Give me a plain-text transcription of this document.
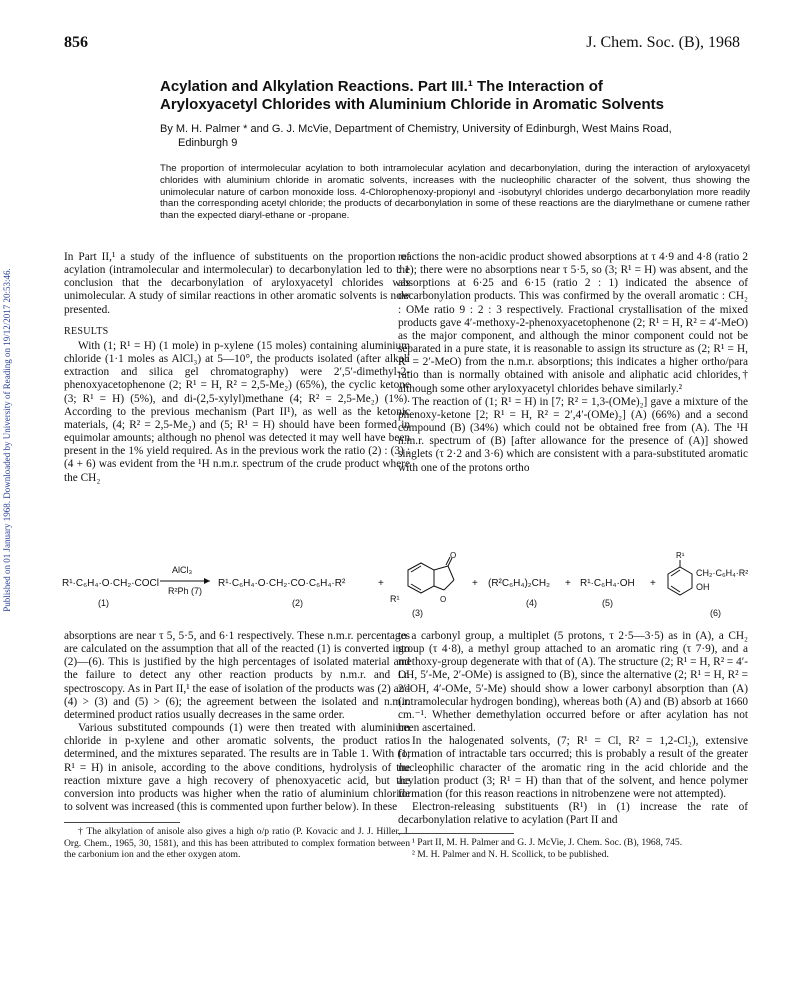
Published on 01 January 1968. Downloaded by University of Reading on 19/12/2017 20:53:46.
856	J. Chem. Soc. (B), 1968
Acylation and Alkylation Reactions. Part III.¹ The Interaction of
Aryloxyacetyl Chlorides with Aluminium Chloride in Aromatic Solvents
By M. H. Palmer * and G. J. McVie, Department of Chemistry, University of Edinburgh, West Mains Road,
Edinburgh 9
The proportion of intermolecular acylation to both intramolecular acylation and decarbonylation, during the interaction of aryloxyacetyl chlorides with aluminium chloride in aromatic solvents, increases with the nucleophilic character of the solvent, thus showing the unimolecular nature of carbon monoxide loss. 4-Chlorophenoxy-propionyl and -isobutyryl chlorides undergo decarbonylation more readily than the corresponding acetyl chloride; the products of decarbonylation in some of these reactions are the diarylmethane or cumene rather than the expected diaryl-ethane or -propane.

In Part II,¹ a study of the influence of substituents on the proportion of acylation (intramolecular and intermolecular) to decarbonylation led to the conclusion that the decarbonylation of aryloxyacetyl chlorides was unimolecular. A study of similar reactions in other aromatic solvents is now presented.

RESULTS

With (1; R¹ = H) (1 mole) in p-xylene (15 moles) containing aluminium chloride (1·1 moles as AlCl₃) at 5—10°, the products isolated (after alkali extraction and silica gel chromatography) were 2′,5′-dimethyl-2-phenoxyacetophenone (2; R¹ = H, R² = 2,5-Me₂) (65%), the cyclic ketone (3; R¹ = H) (5%), and di-(2,5-xylyl)methane (4; R² = 2,5-Me₂) (1%). According to the previous mechanism (Part II¹), as well as the ketonic materials, (4; R² = 2,5-Me₂) and (5; R¹ = H) should have been formed in equimolar amounts; although no phenol was detected it may well have been present in the 1% yield required. As in the previous work the ratio (2) : (3) : (4 + 6) was evident from the ¹H n.m.r. spectrum of the crude product where the CH₂

reactions the non-acidic product showed absorptions at τ 4·9 and 4·8 (ratio 2 : 1); there were no absorptions near τ 5·5, so (3; R¹ = H) was absent, and the absorptions at 6·25 and 6·15 (ratio 2 : 1) indicated the absence of decarbonylation products. This was confirmed by the overall aromatic : CH₂ : OMe ratio 9 : 2 : 3 respectively. Fractional crystallisation of the mixed products gave 4′-methoxy-2-phenoxyacetophenone (2; R¹ = H, R² = 4′-MeO) as the major component, and although the minor component could not be separated in a pure state, it is reasonable to assign its structure as (2; R¹ = H, R² = 2′-MeO) from the n.m.r. absorptions; this indicates a higher ortho/para ratio than is normally obtained with anisole and aliphatic acid chlorides,† although some other aryloxyacetyl chlorides behave similarly.²

The reaction of (1; R¹ = H) in [7; R² = 1,3-(OMe)₂] gave a mixture of the phenoxy-ketone [2; R¹ = H, R² = 2′,4′-(OMe)₂] (A) (66%) and a second compound (B) (34%) which could not be obtained free from (A). The ¹H n.m.r. spectrum of (B) [after allowance for the presence of (A)] showed singlets (τ 2·2 and 3·6) which are consistent with a para-substituted aromatic with one of the protons ortho

R¹·C₆H₄·O·CH₂·COCl
AlCl₃
R²Ph (7)
R¹·C₆H₄·O·CH₂·CO·C₆H₄·R²	+
O
O
R¹
+ (R²C₆H₄)₂CH₂ + R¹·C₆H₄·OH +
R¹
CH₂·C₆H₄·R²
OH
(1)	(2)
(3)
(4)	(5)
(6)

absorptions are near τ 5, 5·5, and 6·1 respectively. These n.m.r. percentages are calculated on the assumption that all of the reacted (1) is converted into (2)—(6). This is justified by the high percentages of isolated material and the failure to detect any other reaction products by n.m.r. and i.r. spectroscopy. As in Part II,¹ the ease of isolation of the products was (2) and (4) > (3) and (5) > (6); the agreement between the isolated and n.m.r. determined product ratios usually decreases in the same order.

Various substituted compounds (1) were then treated with aluminium chloride in p-xylene and other aromatic solvents, the product ratios determined, and the mixtures separated. The results are in Table 1. With (1; R¹ = H) in anisole, according to the above conditions, hydrolysis of the reaction mixture gave a high recovery of phenoxyacetic acid, but the conversion into products was higher when the ratio of aluminium chloride to solvent was increased (this is commented upon further below). In these

† The alkylation of anisole also gives a high o/p ratio (P. Kovacic and J. J. Hiller, J. Org. Chem., 1965, 30, 1581), and this has been attributed to complex formation between the carbonium ion and the ether oxygen atom.

to a carbonyl group, a multiplet (5 protons, τ 2·5—3·5) as in (A), a CH₂ group (τ 4·8), a methyl group attached to an aromatic ring (τ 7·9), and a methoxy-group degenerate with that of (A). The structure (2; R¹ = H, R² = 4′-OH, 5′-Me, 2′-OMe) is assigned to (B), since the alternative (2; R¹ = H, R² = 2′-OH, 4′-OMe, 5′-Me) should show a lower carbonyl absorption than (A) (intramolecular hydrogen bonding), whereas both (A) and (B) absorb at 1660 cm.⁻¹. Whether demethylation occurred before or after acylation has not been ascertained.

In the halogenated solvents, (7; R¹ = Cl, R² = 1,2-Cl₂), extensive formation of intractable tars occurred; this is probably a result of the greater nucleophilic character of the aromatic ring in the acid chloride and the acylation product (3; R¹ = H) than that of the solvent, and hence polymer formation (for this reason reactions in nitrobenzene were not attempted).

Electron-releasing substituents (R¹) in (1) increase the rate of decarbonylation relative to acylation (Part II and

¹ Part II, M. H. Palmer and G. J. McVie, J. Chem. Soc. (B), 1968, 745.

² M. H. Palmer and N. H. Scollick, to be published.
